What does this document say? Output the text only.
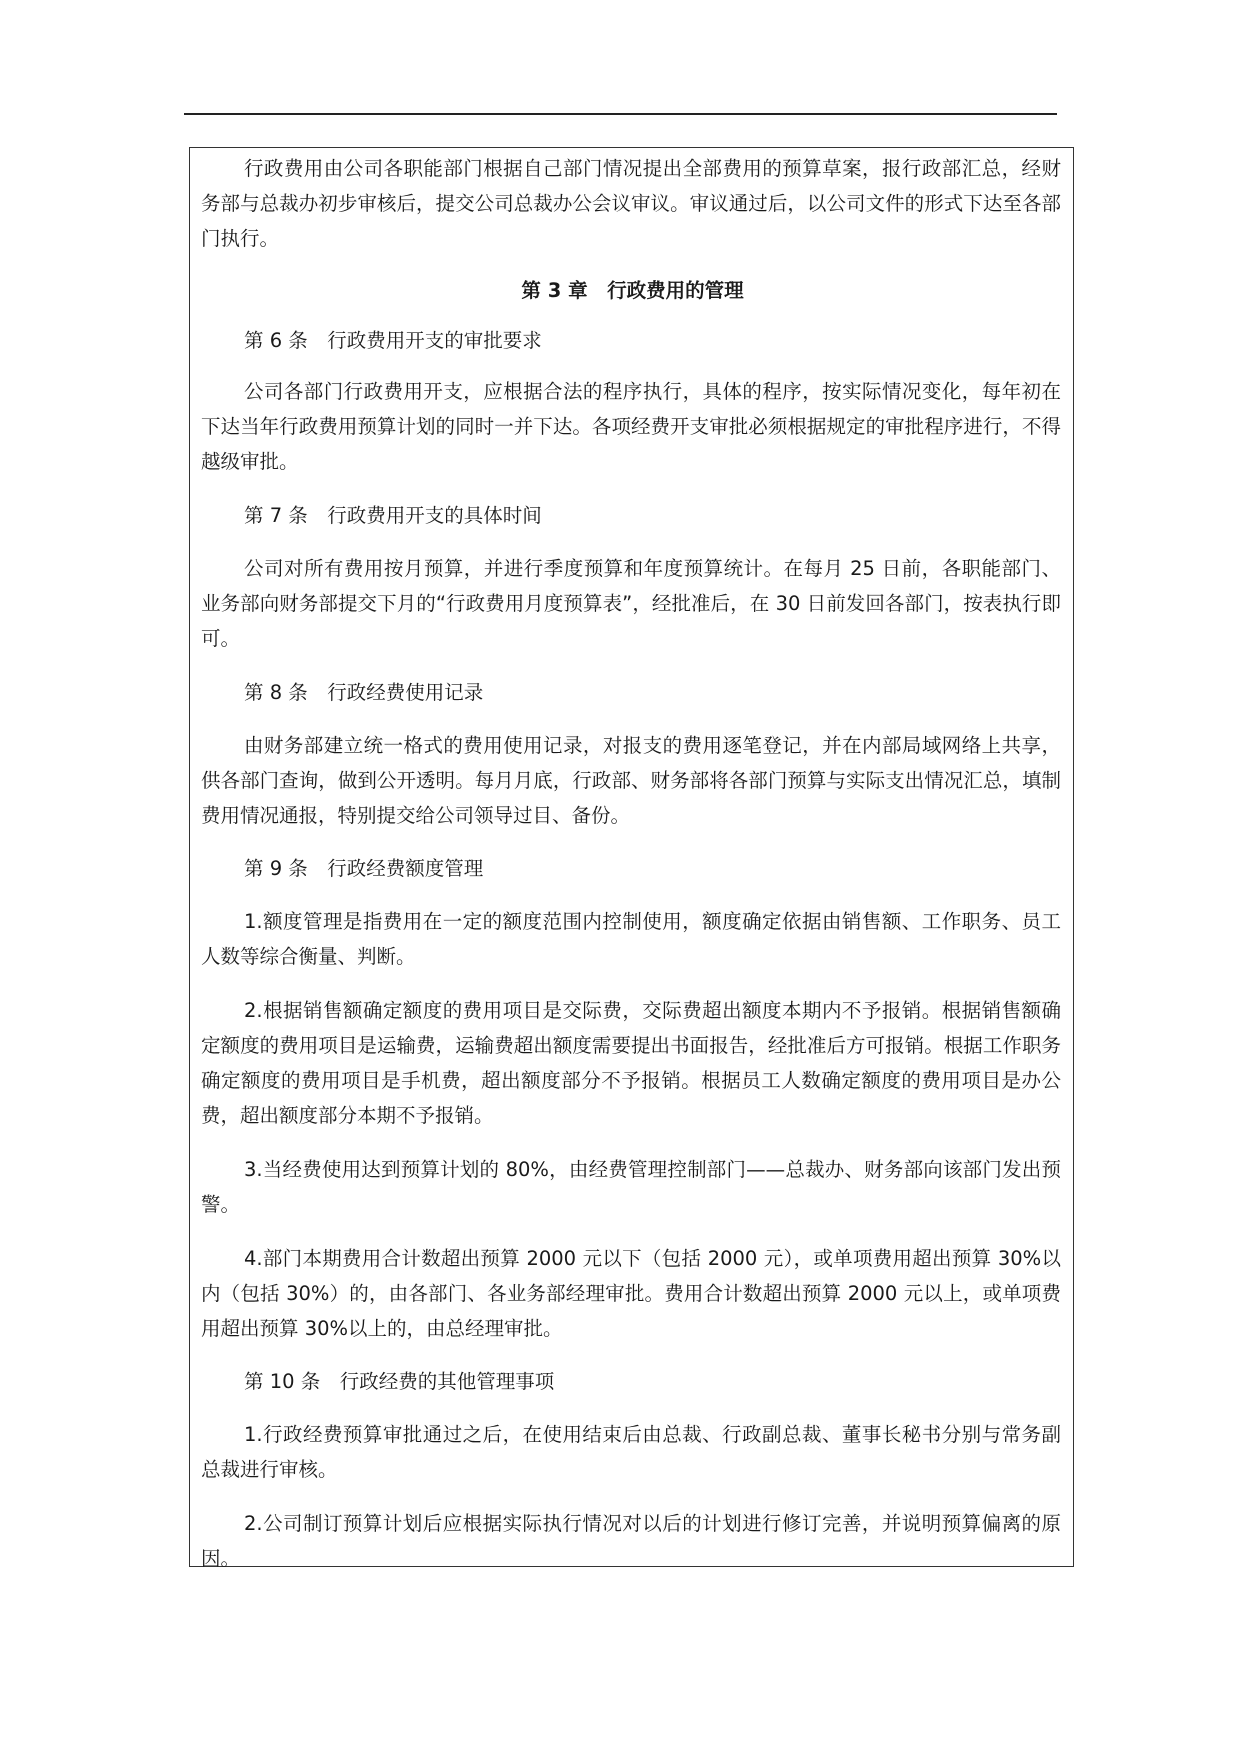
行政费用由公司各职能部门根据自己部门情况提出全部费用的预算草案，报行政部汇总，经财务部与总裁办初步审核后，提交公司总裁办公会议审议。审议通过后，以公司文件的形式下达至各部门执行。

第 3 章　行政费用的管理

第 6 条　行政费用开支的审批要求

公司各部门行政费用开支，应根据合法的程序执行，具体的程序，按实际情况变化，每年初在下达当年行政费用预算计划的同时一并下达。各项经费开支审批必须根据规定的审批程序进行，不得越级审批。

第 7 条　行政费用开支的具体时间

公司对所有费用按月预算，并进行季度预算和年度预算统计。在每月 25 日前，各职能部门、业务部向财务部提交下月的“行政费用月度预算表”，经批准后，在 30 日前发回各部门，按表执行即可。

第 8 条　行政经费使用记录

由财务部建立统一格式的费用使用记录，对报支的费用逐笔登记，并在内部局域网络上共享，供各部门查询，做到公开透明。每月月底，行政部、财务部将各部门预算与实际支出情况汇总，填制费用情况通报，特别提交给公司领导过目、备份。

第 9 条　行政经费额度管理

1.额度管理是指费用在一定的额度范围内控制使用，额度确定依据由销售额、工作职务、员工人数等综合衡量、判断。

2.根据销售额确定额度的费用项目是交际费，交际费超出额度本期内不予报销。根据销售额确定额度的费用项目是运输费，运输费超出额度需要提出书面报告，经批准后方可报销。根据工作职务确定额度的费用项目是手机费，超出额度部分不予报销。根据员工人数确定额度的费用项目是办公费，超出额度部分本期不予报销。

3.当经费使用达到预算计划的 80%，由经费管理控制部门——总裁办、财务部向该部门发出预警。

4.部门本期费用合计数超出预算 2000 元以下（包括 2000 元），或单项费用超出预算 30%以内（包括 30%）的，由各部门、各业务部经理审批。费用合计数超出预算 2000 元以上，或单项费用超出预算 30%以上的，由总经理审批。

第 10 条　行政经费的其他管理事项

1.行政经费预算审批通过之后，在使用结束后由总裁、行政副总裁、董事长秘书分别与常务副总裁进行审核。

2.公司制订预算计划后应根据实际执行情况对以后的计划进行修订完善，并说明预算偏离的原因。
